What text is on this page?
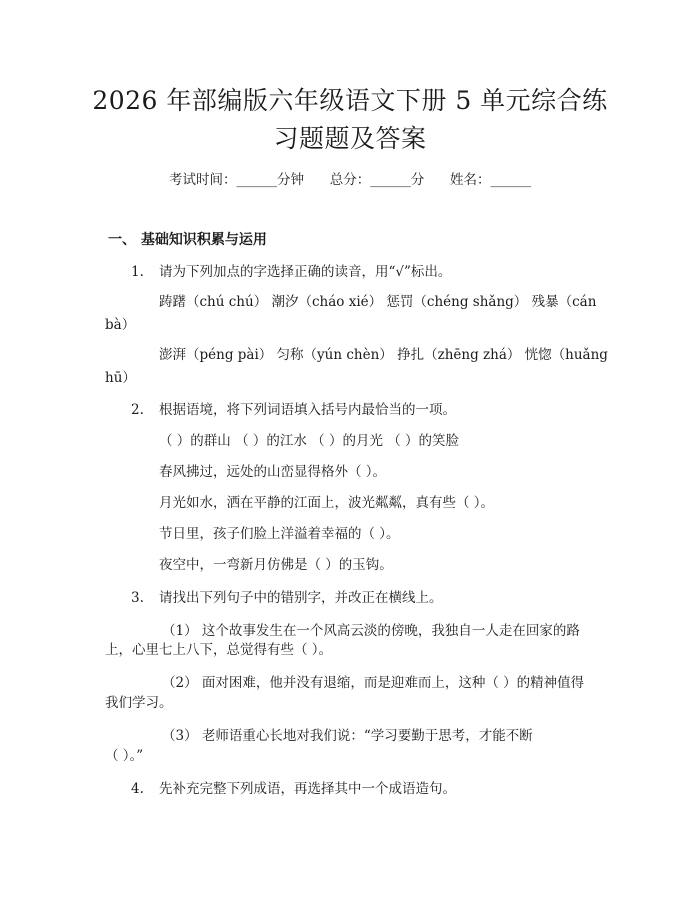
2026 年部编版六年级语文下册 5 单元综合练
习题题及答案
考试时间：______分钟      总分：______分      姓名：______
一、 基础知识积累与运用
1. 请为下列加点的字选择正确的读音，用“√”标出。
踌躇（chú chú） 潮汐（cháo xié） 惩罚（chéng shǎng） 残暴（cán
bà）
澎湃（péng pài） 匀称（yún chèn） 挣扎（zhēng zhá） 恍惚（huǎng
hū）
2. 根据语境，将下列词语填入括号内最恰当的一项。
（ ）的群山 （ ）的江水 （ ）的月光 （ ）的笑脸
春风拂过，远处的山峦显得格外（ ）。
月光如水，洒在平静的江面上，波光粼粼，真有些（ ）。
节日里，孩子们脸上洋溢着幸福的（ ）。
夜空中，一弯新月仿佛是（ ）的玉钩。
3. 请找出下列句子中的错别字，并改正在横线上。
（1） 这个故事发生在一个风高云淡的傍晚，我独自一人走在回家的路
上，心里七上八下，总觉得有些（ ）。
（2） 面对困难，他并没有退缩，而是迎难而上，这种（ ）的精神值得
我们学习。
（3） 老师语重心长地对我们说：“学习要勤于思考，才能不断
（ ）。”
4. 先补充完整下列成语，再选择其中一个成语造句。
